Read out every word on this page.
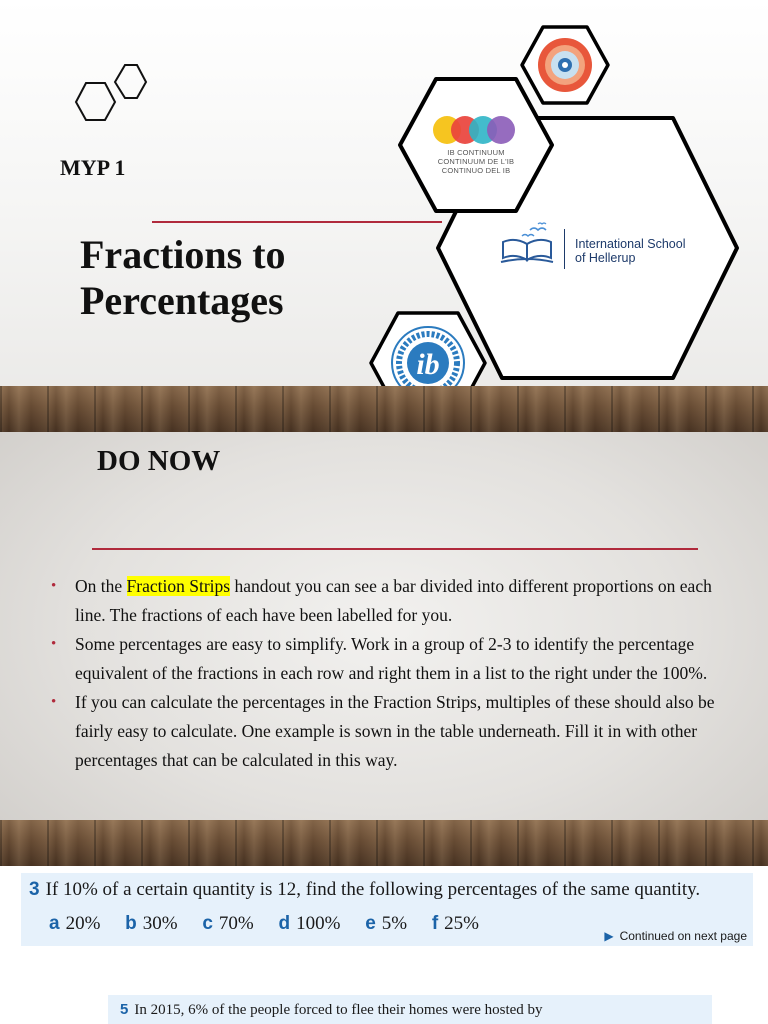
MYP 1
Fractions to
Percentages
International School
of Hellerup
IB CONTINUUM
CONTINUUM DE L'IB
CONTINUO DEL IB
ib
DO NOW
• On the Fraction Strips handout you can see a bar divided into different proportions on each line. The fractions of each have been labelled for you.
• Some percentages are easy to simplify. Work in a group of 2-3 to identify the percentage equivalent of the fractions in each row and right them in a list to the right under the 100%.
• If you can calculate the percentages in the Fraction Strips, multiples of these should also be fairly easy to calculate. One example is sown in the table underneath. Fill it in with other percentages that can be calculated in this way.
3 If 10% of a certain quantity is 12, find the following percentages of the same quantity.
a 20% b 30% c 70% d 100% e 5% f 25%
▶ Continued on next page
5 In 2015, 6% of the people forced to flee their homes were hosted by
